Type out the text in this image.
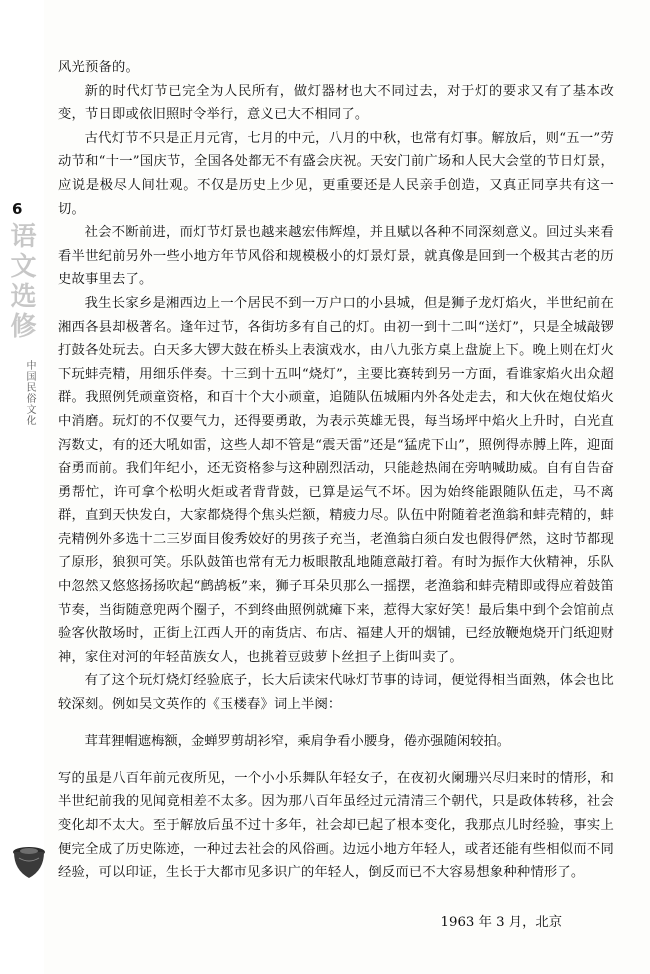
6
语
文
选
修
中国民俗文化

风光预备的。

新的时代灯节已完全为人民所有，做灯器材也大不同过去，对于灯的要求又有了基本改变，节日即或依旧照时令举行，意义已大不相同了。

古代灯节不只是正月元宵，七月的中元，八月的中秋，也常有灯事。解放后，则“五一”劳动节和“十一”国庆节，全国各处都无不有盛会庆祝。天安门前广场和人民大会堂的节日灯景，应说是极尽人间壮观。不仅是历史上少见，更重要还是人民亲手创造，又真正同享共有这一切。

社会不断前进，而灯节灯景也越来越宏伟辉煌，并且赋以各种不同深刻意义。回过头来看看半世纪前另外一些小地方年节风俗和规模极小的灯景灯景，就真像是回到一个极其古老的历史故事里去了。

我生长家乡是湘西边上一个居民不到一万户口的小县城，但是狮子龙灯焰火，半世纪前在湘西各县却极著名。逢年过节，各街坊多有自己的灯。由初一到十二叫“送灯”，只是全城敲锣打鼓各处玩去。白天多大锣大鼓在桥头上表演戏水，由八九张方桌上盘旋上下。晚上则在灯火下玩蚌壳精，用细乐伴奏。十三到十五叫“烧灯”，主要比赛转到另一方面，看谁家焰火出众超群。我照例凭顽童资格，和百十个大小顽童，追随队伍城厢内外各处走去，和大伙在炮仗焰火中消磨。玩灯的不仅要气力，还得要勇敢，为表示英雄无畏，每当场坪中焰火上升时，白光直泻数丈，有的还大吼如雷，这些人却不管是“震天雷”还是“猛虎下山”，照例得赤膊上阵，迎面奋勇而前。我们年纪小，还无资格参与这种剧烈活动，只能趁热闹在旁呐喊助威。自有自告奋勇帮忙，许可拿个松明火炬或者背背鼓，已算是运气不坏。因为始终能跟随队伍走，马不离群，直到天快发白，大家都烧得个焦头烂额，精疲力尽。队伍中附随着老渔翁和蚌壳精的，蚌壳精例外多选十二三岁面目俊秀姣好的男孩子充当，老渔翁白须白发也假得俨然，这时节都现了原形，狼狈可笑。乐队鼓笛也常有无力板眼散乱地随意敲打着。有时为振作大伙精神，乐队中忽然又悠悠扬扬吹起“鹧鸪板”来，狮子耳朵贝那么一摇摆，老渔翁和蚌壳精即或得应着鼓笛节奏，当街随意兜两个圈子，不到终曲照例就瘫下来，惹得大家好笑！最后集中到个会馆前点验客伙散场时，正街上江西人开的南货店、布店、福建人开的烟铺，已经放鞭炮烧开门纸迎财神，家住对河的年轻苗族女人，也挑着豆豉萝卜丝担子上街叫卖了。

有了这个玩灯烧灯经验底子，长大后读宋代咏灯节事的诗词，便觉得相当面熟，体会也比较深刻。例如吴文英作的《玉楼春》词上半阕：

茸茸狸帽遮梅额，金蝉罗剪胡衫窄，乘肩争看小腰身，倦亦强随闲较拍。

写的虽是八百年前元夜所见，一个小小乐舞队年轻女子，在夜初火阑珊兴尽归来时的情形，和半世纪前我的见闻竟相差不太多。因为那八百年虽经过元清清三个朝代，只是政体转移，社会变化却不太大。至于解放后虽不过十多年，社会却已起了根本变化，我那点儿时经验，事实上便完全成了历史陈迹，一种过去社会的风俗画。边远小地方年轻人，或者还能有些相似而不同经验，可以印证，生长于大都市见多识广的年轻人，倒反而已不大容易想象种种情形了。

1963 年 3 月，北京
